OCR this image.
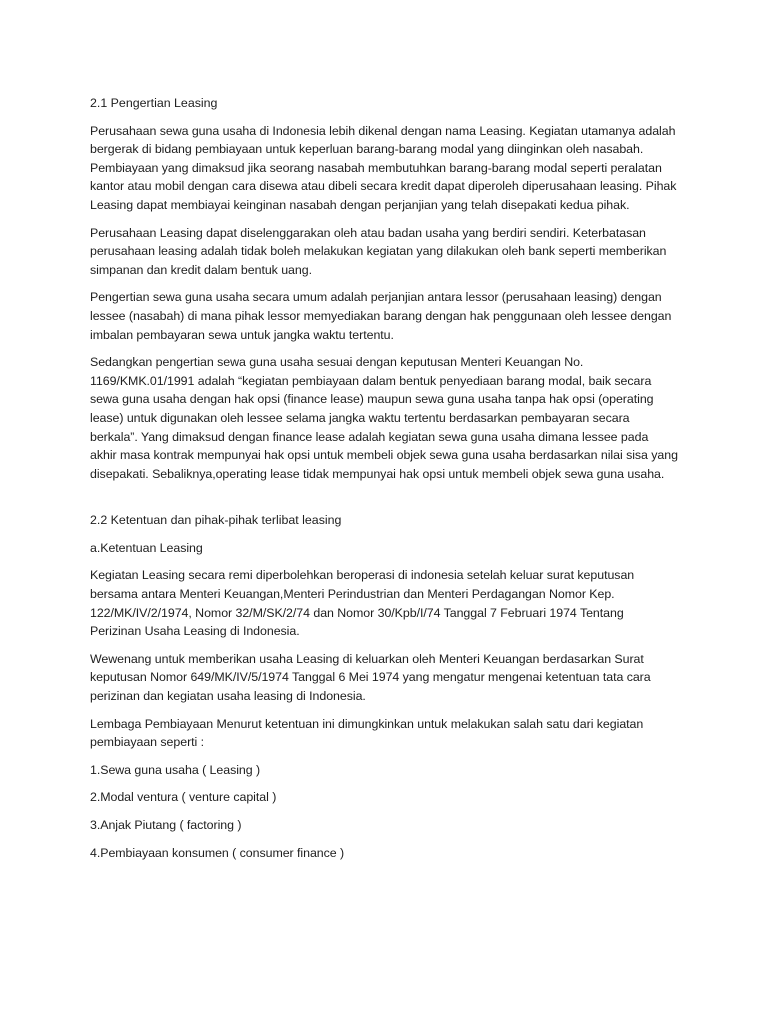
2.1 Pengertian Leasing

Perusahaan sewa guna usaha di Indonesia lebih dikenal dengan nama Leasing. Kegiatan utamanya adalah bergerak di bidang pembiayaan untuk keperluan barang-barang modal yang diinginkan oleh nasabah. Pembiayaan yang dimaksud jika seorang nasabah membutuhkan barang-barang modal seperti peralatan kantor atau mobil dengan cara disewa atau dibeli secara kredit dapat diperoleh diperusahaan leasing. Pihak Leasing dapat membiayai keinginan nasabah dengan perjanjian yang telah disepakati kedua pihak.

Perusahaan Leasing dapat diselenggarakan oleh atau badan usaha yang berdiri sendiri. Keterbatasan perusahaan leasing adalah tidak boleh melakukan kegiatan yang dilakukan oleh bank seperti memberikan simpanan dan kredit dalam bentuk uang.

Pengertian sewa guna usaha secara umum adalah perjanjian antara lessor (perusahaan leasing) dengan lessee (nasabah) di mana pihak lessor memyediakan barang dengan hak penggunaan oleh lessee dengan imbalan pembayaran sewa untuk jangka waktu tertentu.

Sedangkan pengertian sewa guna usaha sesuai dengan keputusan Menteri Keuangan No. 1169/KMK.01/1991 adalah “kegiatan pembiayaan dalam bentuk penyediaan barang modal, baik secara sewa guna usaha dengan hak opsi (finance lease) maupun sewa guna usaha tanpa hak opsi (operating lease) untuk digunakan oleh lessee selama jangka waktu tertentu berdasarkan pembayaran secara berkala”. Yang dimaksud dengan finance lease adalah kegiatan sewa guna usaha dimana lessee pada akhir masa kontrak mempunyai hak opsi untuk membeli objek sewa guna usaha berdasarkan nilai sisa yang disepakati. Sebaliknya,operating lease tidak mempunyai hak opsi untuk membeli objek sewa guna usaha.

2.2 Ketentuan dan pihak-pihak terlibat leasing

a.Ketentuan Leasing

Kegiatan Leasing secara remi diperbolehkan beroperasi di indonesia setelah keluar surat keputusan bersama antara Menteri Keuangan,Menteri Perindustrian dan Menteri Perdagangan Nomor Kep. 122/MK/IV/2/1974, Nomor 32/M/SK/2/74 dan Nomor 30/Kpb/I/74 Tanggal 7 Februari 1974 Tentang Perizinan Usaha Leasing di Indonesia.

Wewenang untuk memberikan usaha Leasing di keluarkan oleh Menteri Keuangan berdasarkan Surat keputusan Nomor 649/MK/IV/5/1974 Tanggal 6 Mei 1974 yang mengatur mengenai ketentuan tata cara perizinan dan kegiatan usaha leasing di Indonesia.

Lembaga Pembiayaan Menurut ketentuan ini dimungkinkan untuk melakukan salah satu dari kegiatan pembiayaan seperti :

1.Sewa guna usaha ( Leasing )

2.Modal ventura ( venture capital )

3.Anjak Piutang ( factoring )

4.Pembiayaan konsumen ( consumer finance )
